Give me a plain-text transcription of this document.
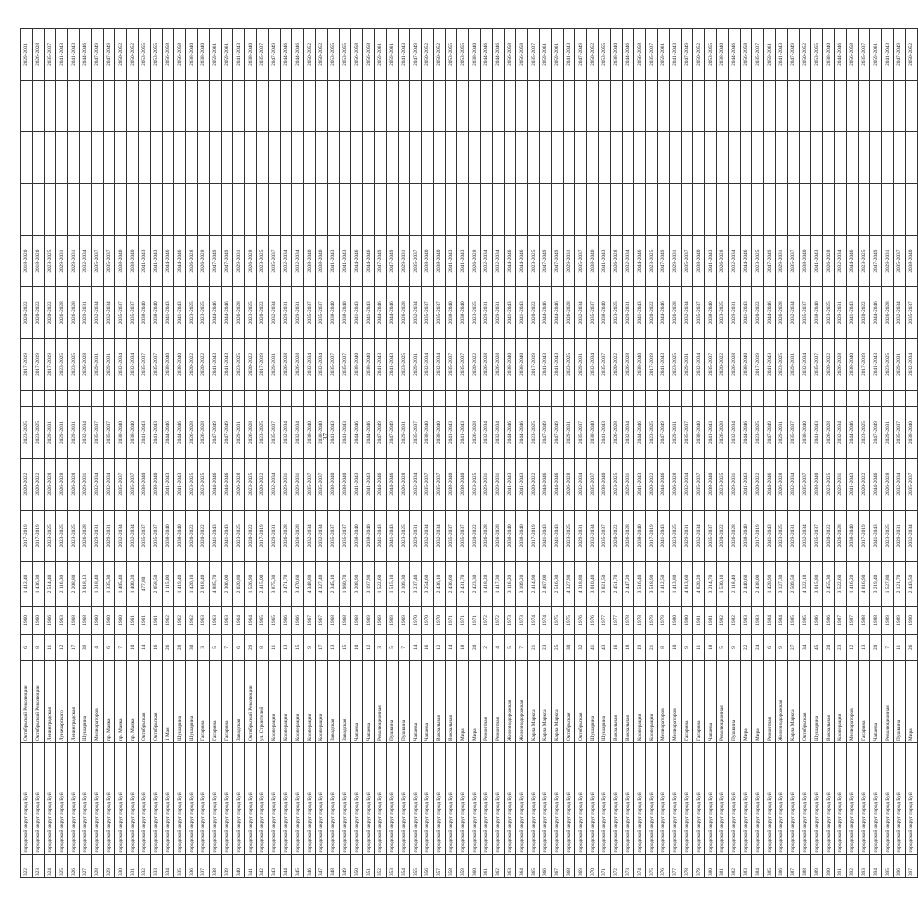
322	городской округ город Буй	Октябрьской Революции	6	1960	1 412,40	2017-2019	2020-2022	2023-2025		2017-2019	2020-2022	2018-2020				2029-2031
323	городской округ город Буй	Октябрьской Революции	8	1960	1 436,30	2017-2019	2020-2022	2023-2025		2017-2019	2020-2022	2018-2020				2026-2028
324	городской округ город Буй	Ленинградская	11	1966	2 514,40	2023-2025	2026-2028	2029-2031		2017-2019	2020-2022	2023-2025				2035-2037
325	городской округ город Буй	Луначарского	12	1963	2 116,30	2023-2025	2026-2028	2029-2031		2023-2025	2026-2028	2029-2031				2041-2043
326	городской округ город Буй	Ленинградская	17	1968	2 208,80	2023-2025	2026-2028	2029-2031		2023-2025	2026-2028	2029-2031				2041-2043
327	городской округ город Буй	Шушарина	39	1968	3 018,13	2026-2028	2029-2031	2032-2034		2026-2028	2029-2031	2032-2034				2044-2046
328	городской округ город Буй	Мелиораторов	4	1960	1 318,40	2029-2031	2032-2034	2035-2037		2029-2031	2032-2034	2035-2037				2047-2049
329	городской округ город Буй	пр. Маяка	6	1960	1 335,30	2029-2031	2032-2034	2035-2037		2029-2031	2032-2034	2035-2037				2047-2049
330	городской округ город Буй	пр. Маяка	7	1960	1 405,40	2032-2034	2035-2037	2038-2040		2032-2034	2035-2037	2038-2040				2050-2052
331	городской округ город Буй	пр. Маяка	10	1961	1 400,20	2032-2034	2035-2037	2038-2040		2032-2034	2035-2037	2038-2040				2050-2052
332	городской округ город Буй	Октябрьская	14	1961	477,80	2035-2037	2038-2040	2041-2043		2035-2037	2038-2040	2041-2043				2053-2055
333	городской округ город Буй	Октябрьская	16	1961	2 058,50	2035-2037	2038-2040	2041-2043		2035-2037	2038-2040	2041-2043				2053-2055
334	городской округ город Буй	1 Мая	26	1962	1 115,00	2038-2040	2041-2043	2044-2046		2038-2040	2041-2043	2044-2046				2056-2058
335	городской округ город Буй	Шушарина	28	1962	1 419,40	2038-2040	2041-2043	2044-2046		2038-2040	2041-2043	2044-2046				2056-2058
336	городской округ город Буй	Шушарина	30	1962	1 420,10	2020-2022	2023-2025	2026-2028		2020-2022	2023-2025	2026-2028				2038-2040
337	городской округ город Буй	Гагарина	3	1963	2 018,40	2020-2022	2023-2025	2026-2028		2020-2022	2023-2025	2026-2028				2038-2040
338	городской округ город Буй	Гагарина	5	1963	4 885,70	2041-2043	2044-2046	2047-2049		2041-2043	2044-2046	2047-2049				2059-2061
339	городской округ город Буй	Гагарина	7	1963	2 306,00	2041-2043	2044-2046	2047-2049		2041-2043	2044-2046	2047-2049				2059-2061
340	городской округ город Буй	Заводская	6	1964	2 020,80	2023-2025	2026-2028	2029-2031		2023-2025	2026-2028	2029-2031				2041-2043
341	городской округ город Буй	Октябрьской Революции	29	1964	1 526,90	2020-2022	2023-2025	2026-2028		2020-2022	2023-2025	2026-2028				2038-2040
342	городской округ город Буй	ул. Строителей	8	1965	2 415,00	2017-2019	2020-2022	2023-2025		2017-2019	2020-2022	2023-2025				2035-2037
343	городской округ город Буй	Кооперации	11	1965	3 875,30	2029-2031	2032-2034	2035-2037		2029-2031	2032-2034	2035-2037				2047-2049
344	городской округ город Буй	Кооперации	13	1966	3 471,70	2026-2028	2029-2031	2032-2034		2026-2028	2029-2031	2032-2034				2044-2046
345	городской округ город Буй	Кооперации	15	1966	3 470,60	2026-2028	2029-2031	2032-2034		2026-2028	2029-2031	2032-2034				2044-2046
346	городской округ город Буй	Кооперации	9	1967	4 348,80	2032-2034	2035-2037	2038-2040		2032-2034	2035-2037	2038-2040				2050-2052
347	городской округ город Буй	Кооперации	17	1967	4 327,40	2032-2034	2035-2037	2038-2040		2032-2034	2035-2037	2038-2040				2050-2052
348	городской округ город Буй	Заводская	13	1968	2 345,10	2035-2037	2038-2040	2041-2043		2035-2037	2038-2040	2041-2043				2053-2055
349	городской округ город Буй	Заводская	15	1968	1 960,70	2035-2037	2038-2040	2041-2043		2035-2037	2038-2040	2041-2043				2053-2055
350	городской округ город Буй	Чапаева	10	1968	3 208,90	2038-2040	2041-2043	2044-2046		2038-2040	2041-2043	2044-2046				2056-2058
351	городской округ город Буй	Чапаева	12	1969	3 197,90	2038-2040	2041-2043	2044-2046		2038-2040	2041-2043	2044-2046				2056-2058
352	городской округ город Буй	Революционная	3	1969	1 522,60	2041-2043	2044-2046	2047-2049		2041-2043	2044-2046	2047-2049				2059-2061
353	городской округ город Буй	Пушкина	5	1969	1 515,10	2041-2043	2044-2046	2047-2049		2041-2043	2044-2046	2047-2049				2059-2061
354	городской округ город Буй	Пушкина	7	1969	2 109,30	2023-2025	2026-2028	2029-2031		2023-2025	2026-2028	2029-2031				2041-2043
355	городской округ город Буй	Чапаева	14	1970	3 237,40	2029-2031	2032-2034	2035-2037		2029-2031	2032-2034	2035-2037				2047-2049
356	городской округ город Буй	Чапаева	16	1970	3 254,60	2032-2034	2035-2037	2038-2040		2032-2034	2035-2037	2038-2040				2050-2052
357	городской округ город Буй	Вокзальная	12	1970	2 436,10	2032-2034	2035-2037	2038-2040		2032-2034	2035-2037	2038-2040				2050-2052
358	городской округ город Буй	Вокзальная	14	1971	2 436,60	2035-2037	2038-2040	2041-2043		2035-2037	2038-2040	2041-2043				2053-2055
359	городской округ город Буй	Мира	18	1971	2 431,70	2035-2037	2038-2040	2041-2043		2035-2037	2038-2040	2041-2043				2053-2055
360	городской округ город Буй	Мира	20	1971	2 423,30	2020-2022	2023-2025	2026-2028		2020-2022	2023-2025	2026-2028				2038-2040
361	городской округ город Буй	Ремонтная	2	1972	1 418,20	2026-2028	2029-2031	2032-2034		2026-2028	2029-2031	2032-2034				2044-2046
362	городской округ город Буй	Ремонтная	4	1972	1 417,30	2026-2028	2029-2031	2032-2034		2026-2028	2029-2031	2032-2034				2044-2046
363	городской округ город Буй	Железнодорожная	5	1973	3 116,20	2038-2040	2041-2043	2044-2046		2038-2040	2041-2043	2044-2046				2056-2058
364	городской округ город Буй	Железнодорожная	7	1973	3 109,20	2038-2040	2041-2043	2044-2046		2038-2040	2041-2043	2044-2046				2056-2058
365	городской округ город Буй	Карла Маркса	21	1974	2 414,90	2017-2019	2020-2022	2023-2025		2017-2019	2020-2022	2023-2025				2035-2037
366	городской округ город Буй	Карла Маркса	23	1974	2 467,00	2041-2043	2044-2046	2047-2049		2041-2043	2044-2046	2047-2049				2059-2061
367	городской округ город Буй	Карла Маркса	25	1975	2 516,30	2041-2043	2044-2046	2047-2049		2041-2043	2044-2046	2047-2049				2059-2061
368	городской округ город Буй	Октябрьская	30	1975	4 327,90	2023-2025	2026-2028	2029-2031		2023-2025	2026-2028	2029-2031				2041-2043
369	городской округ город Буй	Октябрьская	32	1976	4 318,80	2029-2031	2032-2034	2035-2037		2029-2031	2032-2034	2035-2037				2047-2049
370	городской округ город Буй	Шушарина	41	1976	3 010,40	2032-2034	2035-2037	2038-2040		2032-2034	2035-2037	2038-2040				2050-2052
371	городской округ город Буй	Шушарина	43	1977	3 021,50	2035-2037	2038-2040	2041-2043		2035-2037	2038-2040	2041-2043				2053-2055
372	городской округ город Буй	Вокзальная	16	1977	2 451,70	2020-2022	2023-2025	2026-2028		2020-2022	2023-2025	2026-2028				2038-2040
373	городской округ город Буй	Вокзальная	18	1978	2 447,20	2026-2028	2029-2031	2032-2034		2026-2028	2029-2031	2032-2034				2044-2046
374	городской округ город Буй	Кооперации	19	1978	3 516,40	2038-2040	2041-2043	2044-2046		2038-2040	2041-2043	2044-2046				2056-2058
375	городской округ город Буй	Кооперации	21	1979	3 518,90	2017-2019	2020-2022	2023-2025		2017-2019	2020-2022	2023-2025				2035-2037
376	городской округ город Буй	Мелиораторов	8	1979	1 412,50	2041-2043	2044-2046	2047-2049		2041-2043	2044-2046	2047-2049				2059-2061
377	городской округ город Буй	Мелиораторов	10	1980	1 413,80	2023-2025	2026-2028	2029-2031		2023-2025	2026-2028	2029-2031				2041-2043
378	городской округ город Буй	Гагарина	9	1980	4 813,60	2029-2031	2032-2034	2035-2037		2029-2031	2032-2034	2035-2037				2047-2049
379	городской округ город Буй	Гагарина	11	1981	4 820,20	2032-2034	2035-2037	2038-2040		2032-2034	2035-2037	2038-2040				2050-2052
380	городской округ город Буй	Чапаева	18	1981	3 214,70	2035-2037	2038-2040	2041-2043		2035-2037	2038-2040	2041-2043				2053-2055
381	городской округ город Буй	Революционная	5	1982	1 530,10	2020-2022	2023-2025	2026-2028		2020-2022	2023-2025	2026-2028				2038-2040
382	городской округ город Буй	Пушкина	9	1982	2 118,40	2026-2028	2029-2031	2032-2034		2026-2028	2029-2031	2032-2034				2044-2046
383	городской округ город Буй	Мира	22	1983	2 440,60	2038-2040	2041-2043	2044-2046		2038-2040	2041-2043	2044-2046				2056-2058
384	городской округ город Буй	Мира	24	1983	2 438,00	2017-2019	2020-2022	2023-2025		2017-2019	2020-2022	2023-2025				2035-2037
385	городской округ город Буй	Ремонтная	6	1984	1 420,90	2041-2043	2044-2046	2047-2049		2041-2043	2044-2046	2047-2049				2059-2061
386	городской округ город Буй	Железнодорожная	9	1984	3 127,30	2023-2025	2026-2028	2029-2031		2023-2025	2026-2028	2029-2031				2041-2043
387	городской округ город Буй	Карла Маркса	27	1985	2 509,50	2029-2031	2032-2034	2035-2037		2029-2031	2032-2034	2035-2037				2047-2049
388	городской округ город Буй	Октябрьская	34	1985	4 322,10	2032-2034	2035-2037	2038-2040		2032-2034	2035-2037	2038-2040				2050-2052
389	городской округ город Буй	Шушарина	45	1986	3 015,80	2035-2037	2038-2040	2041-2043		2035-2037	2038-2040	2041-2043				2053-2055
390	городской округ город Буй	Вокзальная	20	1986	2 455,30	2020-2022	2023-2025	2026-2028		2020-2022	2023-2025	2026-2028				2038-2040
391	городской округ город Буй	Кооперации	23	1987	3 522,60	2026-2028	2029-2031	2032-2034		2026-2028	2029-2031	2032-2034				2044-2046
392	городской округ город Буй	Мелиораторов	12	1987	1 416,20	2038-2040	2041-2043	2044-2046		2038-2040	2041-2043	2044-2046				2056-2058
393	городской округ город Буй	Гагарина	13	1988	4 816,90	2017-2019	2020-2022	2023-2025		2017-2019	2020-2022	2023-2025				2035-2037
394	городской округ город Буй	Чапаева	20	1988	3 219,40	2041-2043	2044-2046	2047-2049		2041-2043	2044-2046	2047-2049				2059-2061
395	городской округ город Буй	Революционная	7	1989	1 527,80	2023-2025	2026-2028	2029-2031		2023-2025	2026-2028	2029-2031				2041-2043
396	городской округ город Буй	Пушкина	11	1989	2 121,70	2029-2031	2032-2034	2035-2037		2029-2031	2032-2034	2035-2037				2047-2049
397	городской округ город Буй	Мира	26	1990	2 443,50	2032-2034	2035-2037	2038-2040		2032-2034	2035-2037	2038-2040				2050-2052
37
